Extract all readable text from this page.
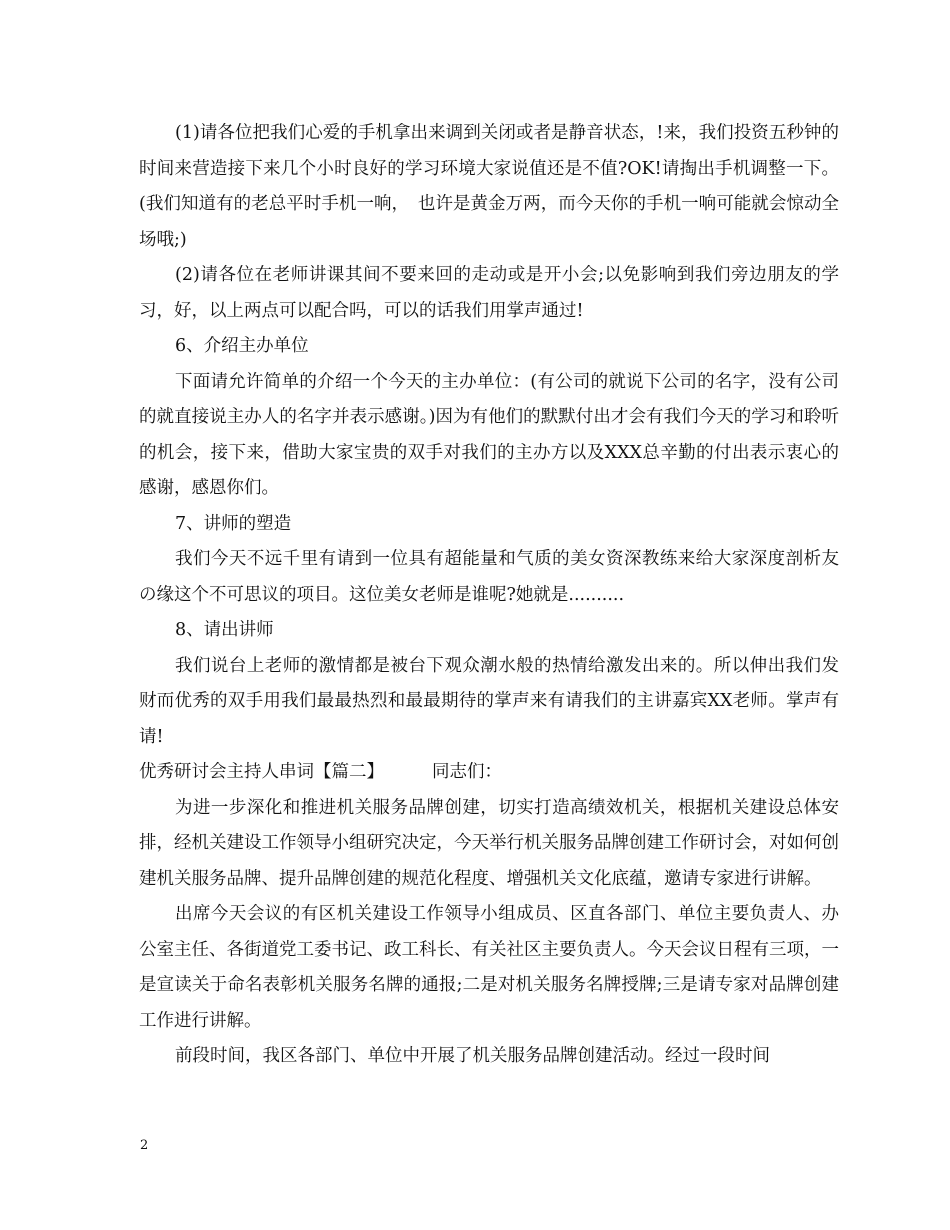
(1)请各位把我们心爱的手机拿出来调到关闭或者是静音状态，!来，我们投资五秒钟的时间来营造接下来几个小时良好的学习环境大家说值还是不值?OK!请掏出手机调整一下。(我们知道有的老总平时手机一响，　也许是黄金万两，而今天你的手机一响可能就会惊动全场哦;)

(2)请各位在老师讲课其间不要来回的走动或是开小会;以免影响到我们旁边朋友的学习，好，以上两点可以配合吗，可以的话我们用掌声通过!

6、介绍主办单位

下面请允许简单的介绍一个今天的主办单位：(有公司的就说下公司的名字，没有公司的就直接说主办人的名字并表示感谢。)因为有他们的默默付出才会有我们今天的学习和聆听的机会，接下来，借助大家宝贵的双手对我们的主办方以及XXX总辛勤的付出表示衷心的感谢，感恩你们。

7、讲师的塑造

我们今天不远千里有请到一位具有超能量和气质的美女资深教练来给大家深度剖析友の缘这个不可思议的项目。这位美女老师是谁呢?她就是..........

8、请出讲师

我们说台上老师的激情都是被台下观众潮水般的热情给激发出来的。所以伸出我们发财而优秀的双手用我们最最热烈和最最期待的掌声来有请我们的主讲嘉宾XX老师。掌声有请!

优秀研讨会主持人串词【篇二】	同志们：

为进一步深化和推进机关服务品牌创建，切实打造高绩效机关，根据机关建设总体安排，经机关建设工作领导小组研究决定，今天举行机关服务品牌创建工作研讨会，对如何创建机关服务品牌、提升品牌创建的规范化程度、增强机关文化底蕴，邀请专家进行讲解。

出席今天会议的有区机关建设工作领导小组成员、区直各部门、单位主要负责人、办公室主任、各街道党工委书记、政工科长、有关社区主要负责人。今天会议日程有三项，一是宣读关于命名表彰机关服务名牌的通报;二是对机关服务名牌授牌;三是请专家对品牌创建工作进行讲解。

前段时间，我区各部门、单位中开展了机关服务品牌创建活动。经过一段时间

2
